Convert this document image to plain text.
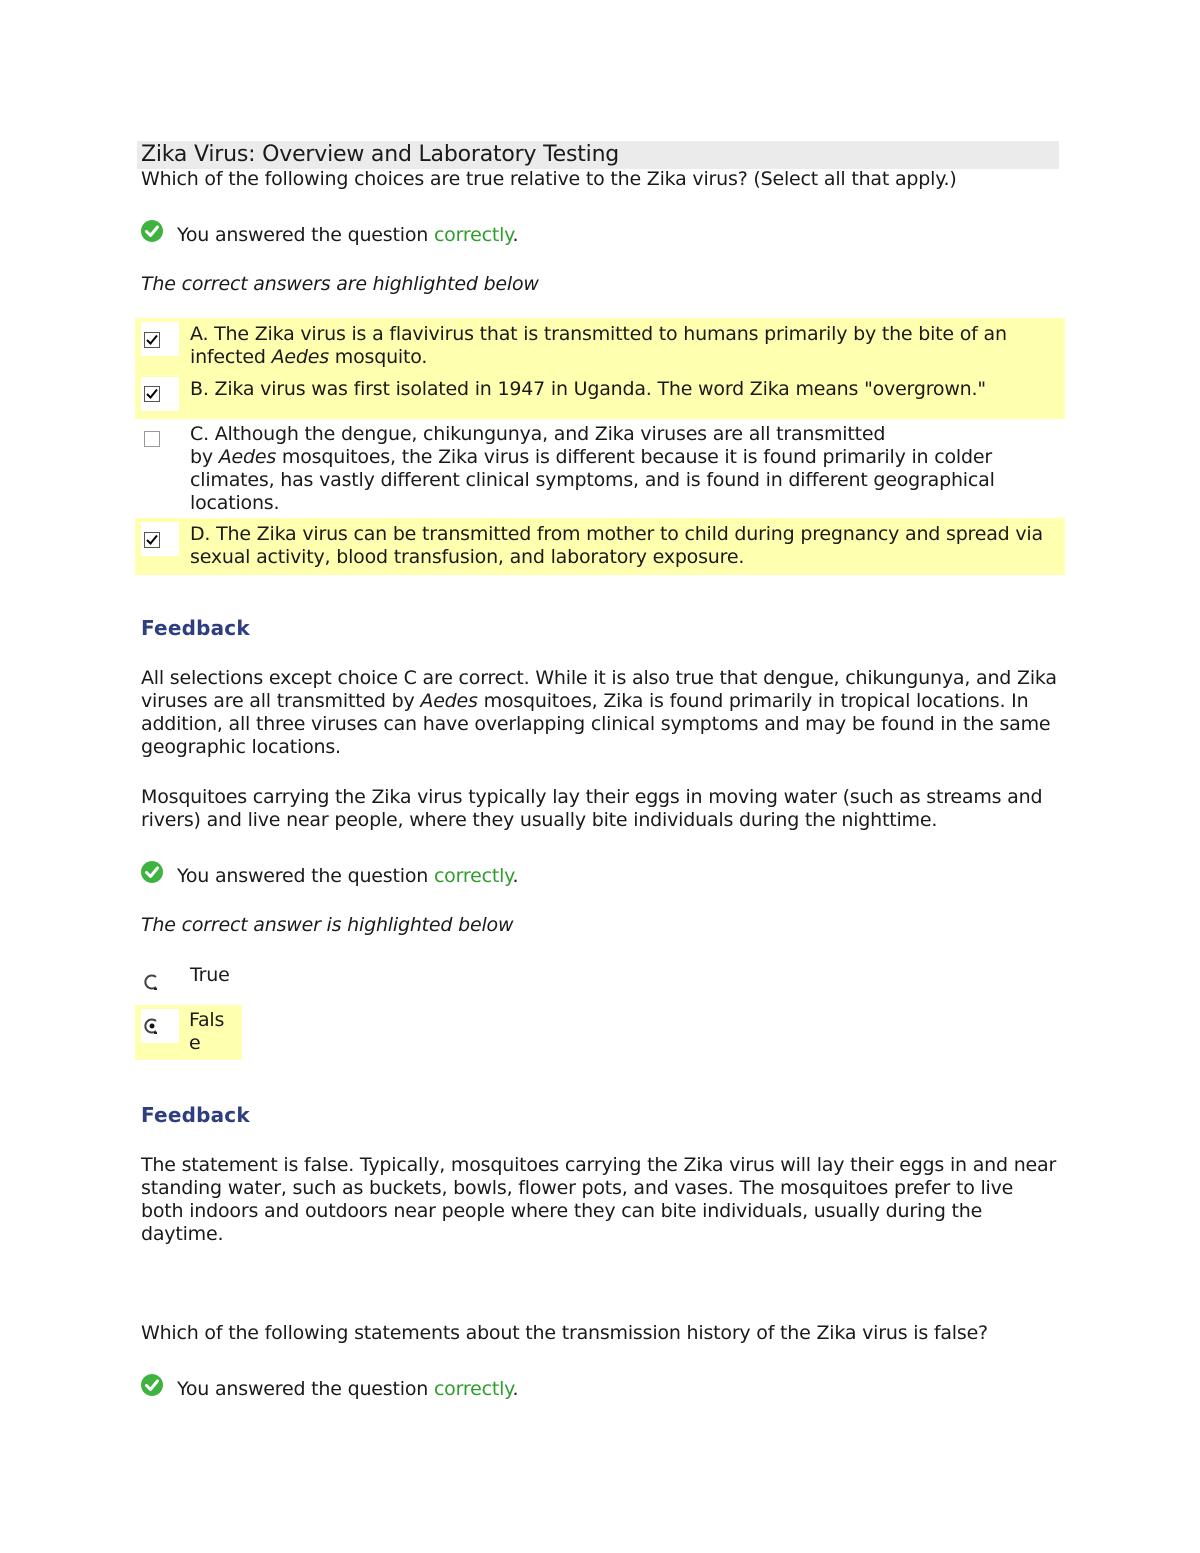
Zika Virus: Overview and Laboratory Testing
Which of the following choices are true relative to the Zika virus? (Select all that apply.)
You answered the question correctly.
The correct answers are highlighted below
A. The Zika virus is a flavivirus that is transmitted to humans primarily by the bite of an infected Aedes mosquito.
B. Zika virus was first isolated in 1947 in Uganda. The word Zika means "overgrown."
C. Although the dengue, chikungunya, and Zika viruses are all transmitted
by Aedes mosquitoes, the Zika virus is different because it is found primarily in colder climates, has vastly different clinical symptoms, and is found in different geographical locations.
D. The Zika virus can be transmitted from mother to child during pregnancy and spread via sexual activity, blood transfusion, and laboratory exposure.
Feedback
All selections except choice C are correct. While it is also true that dengue, chikungunya, and Zika viruses are all transmitted by Aedes mosquitoes, Zika is found primarily in tropical locations. In addition, all three viruses can have overlapping clinical symptoms and may be found in the same geographic locations.
Mosquitoes carrying the Zika virus typically lay their eggs in moving water (such as streams and rivers) and live near people, where they usually bite individuals during the nighttime.
You answered the question correctly.
The correct answer is highlighted below
True
Fals
e
Feedback
The statement is false. Typically, mosquitoes carrying the Zika virus will lay their eggs in and near standing water, such as buckets, bowls, flower pots, and vases. The mosquitoes prefer to live both indoors and outdoors near people where they can bite individuals, usually during the daytime.
Which of the following statements about the transmission history of the Zika virus is false?
You answered the question correctly.
